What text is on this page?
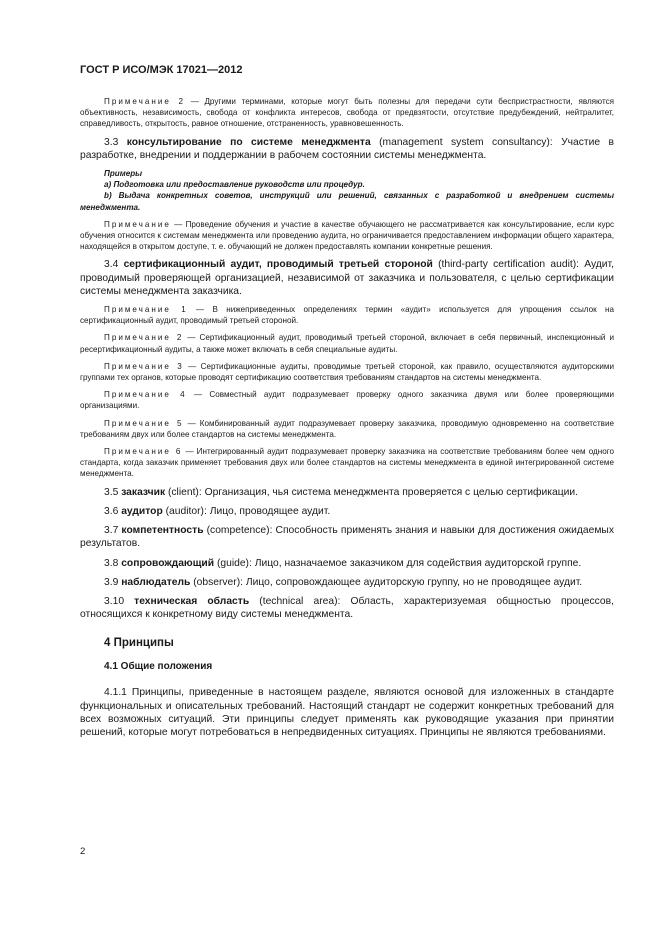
ГОСТ Р ИСО/МЭК 17021—2012

Примечание 2 — Другими терминами, которые могут быть полезны для передачи сути беспристрастности, являются объективность, независимость, свобода от конфликта интересов, свобода от предвзятости, отсутствие предубеждений, нейтралитет, справедливость, открытость, равное отношение, отстраненность, уравновешенность.

3.3 консультирование по системе менеджмента (management system consultancy): Участие в разработке, внедрении и поддержании в рабочем состоянии системы менеджмента.

Примеры

а) Подготовка или предоставление руководств или процедур.

b) Выдача конкретных советов, инструкций или решений, связанных с разработкой и внедрением системы менеджмента.

Примечание — Проведение обучения и участие в качестве обучающего не рассматривается как консультирование, если курс обучения относится к системам менеджмента или проведению аудита, но ограничивается предоставлением информации общего характера, находящейся в открытом доступе, т. е. обучающий не должен предоставлять компании конкретные решения.

3.4 сертификационный аудит, проводимый третьей стороной (third-party certification audit): Аудит, проводимый проверяющей организацией, независимой от заказчика и пользователя, с целью сертификации системы менеджмента заказчика.

Примечание 1 — В нижеприведенных определениях термин «аудит» используется для упрощения ссылок на сертификационный аудит, проводимый третьей стороной.

Примечание 2 — Сертификационный аудит, проводимый третьей стороной, включает в себя первичный, инспекционный и ресертификационный аудиты, а также может включать в себя специальные аудиты.

Примечание 3 — Сертификационные аудиты, проводимые третьей стороной, как правило, осуществляются аудиторскими группами тех органов, которые проводят сертификацию соответствия требованиям стандартов на системы менеджмента.

Примечание 4 — Совместный аудит подразумевает проверку одного заказчика двумя или более проверяющими организациями.

Примечание 5 — Комбинированный аудит подразумевает проверку заказчика, проводимую одновременно на соответствие требованиям двух или более стандартов на системы менеджмента.

Примечание 6 — Интегрированный аудит подразумевает проверку заказчика на соответствие требованиям более чем одного стандарта, когда заказчик применяет требования двух или более стандартов на системы менеджмента в единой интегрированной системе менеджмента.

3.5 заказчик (client): Организация, чья система менеджмента проверяется с целью сертификации.

3.6 аудитор (auditor): Лицо, проводящее аудит.

3.7 компетентность (competence): Способность применять знания и навыки для достижения ожидаемых результатов.

3.8 сопровождающий (guide): Лицо, назначаемое заказчиком для содействия аудиторской группе.

3.9 наблюдатель (observer): Лицо, сопровождающее аудиторскую группу, но не проводящее аудит.

3.10 техническая область (technical area): Область, характеризуемая общностью процессов, относящихся к конкретному виду системы менеджмента.

4 Принципы
4.1 Общие положения

4.1.1 Принципы, приведенные в настоящем разделе, являются основой для изложенных в стандарте функциональных и описательных требований. Настоящий стандарт не содержит конкретных требований для всех возможных ситуаций. Эти принципы следует применять как руководящие указания при принятии решений, которые могут потребоваться в непредвиденных ситуациях. Принципы не являются требованиями.

2
